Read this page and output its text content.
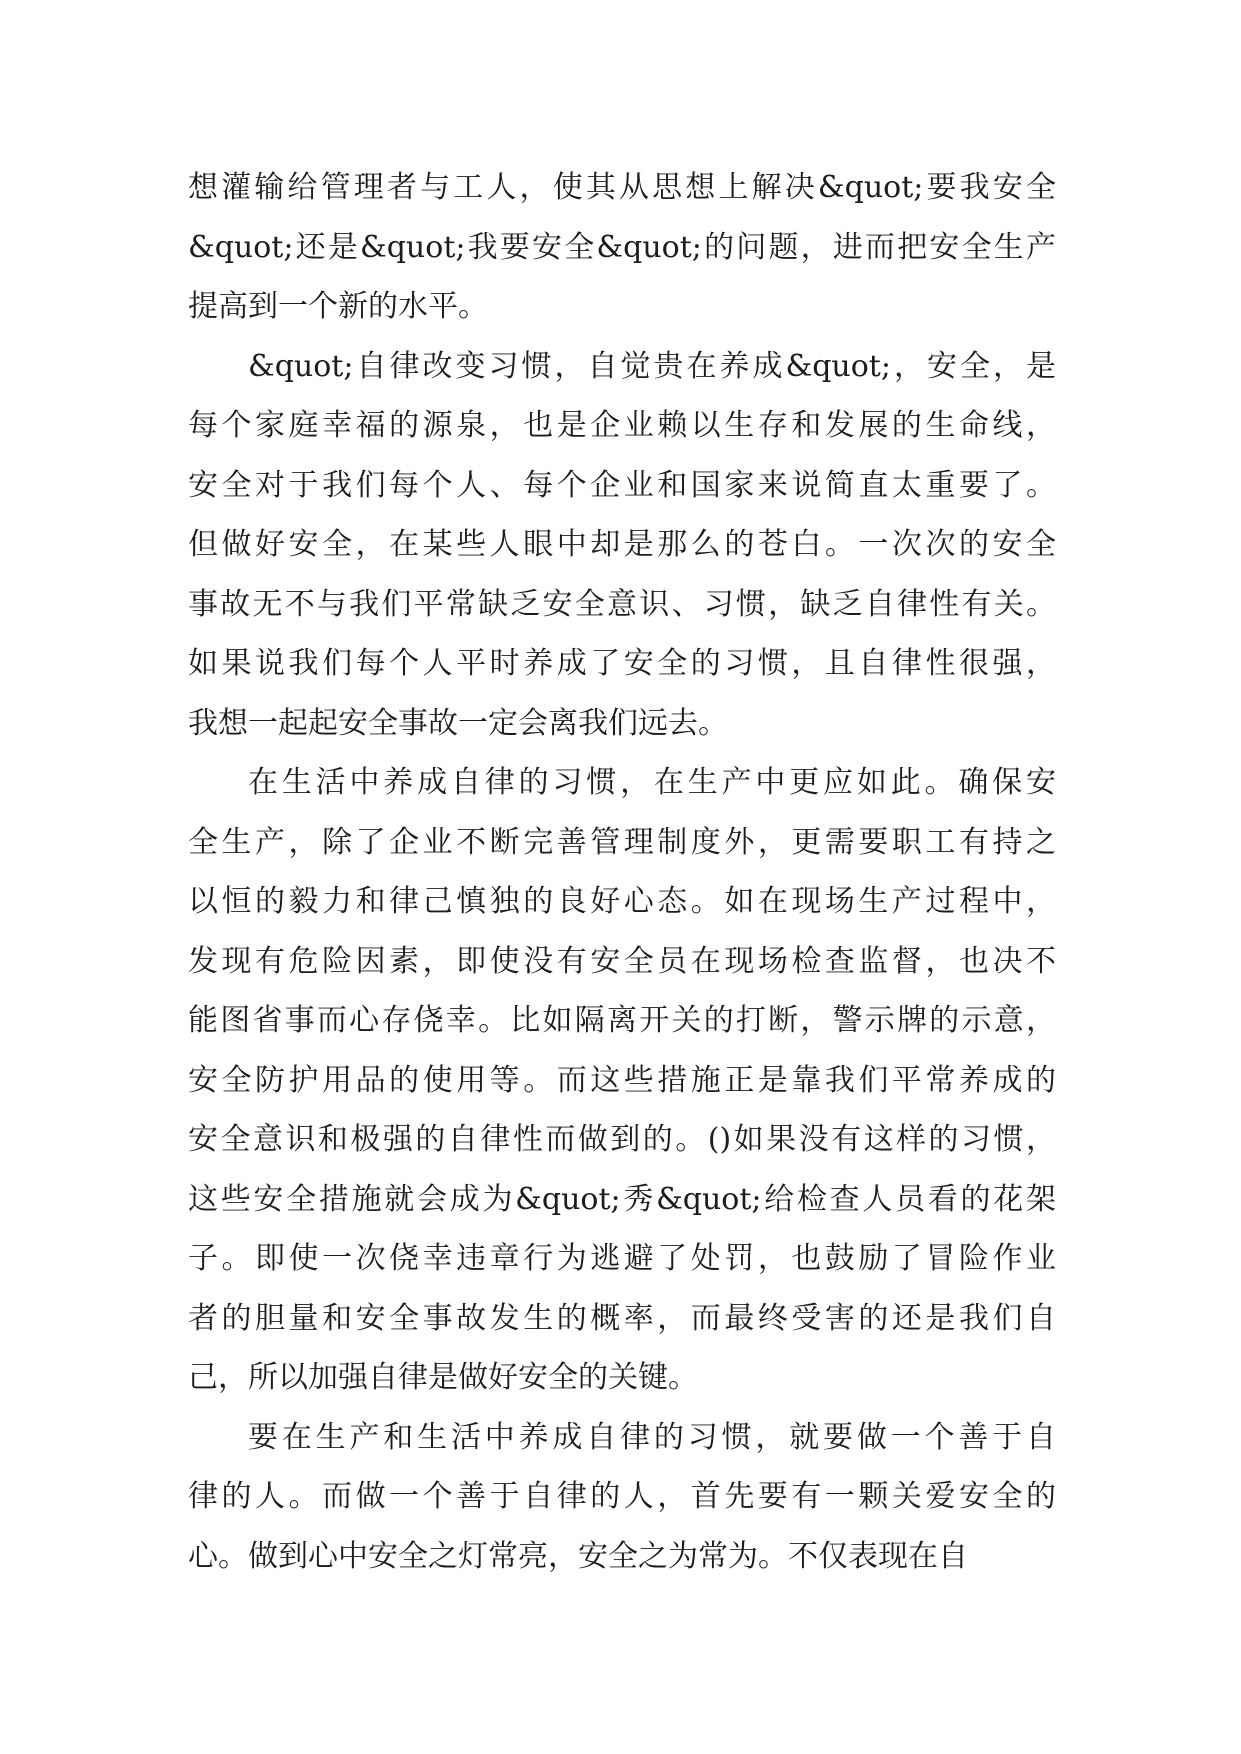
想灌输给管理者与工人，使其从思想上解决&quot;要我安全
&quot;还是&quot;我要安全&quot;的问题，进而把安全生产
提高到一个新的水平。
&quot;自律改变习惯，自觉贵在养成&quot;，安全，是
每个家庭幸福的源泉，也是企业赖以生存和发展的生命线，
安全对于我们每个人、每个企业和国家来说简直太重要了。
但做好安全，在某些人眼中却是那么的苍白。一次次的安全
事故无不与我们平常缺乏安全意识、习惯，缺乏自律性有关。
如果说我们每个人平时养成了安全的习惯，且自律性很强，
我想一起起安全事故一定会离我们远去。
在生活中养成自律的习惯，在生产中更应如此。确保安
全生产，除了企业不断完善管理制度外，更需要职工有持之
以恒的毅力和律己慎独的良好心态。如在现场生产过程中，
发现有危险因素，即使没有安全员在现场检查监督，也决不
能图省事而心存侥幸。比如隔离开关的打断，警示牌的示意，
安全防护用品的使用等。而这些措施正是靠我们平常养成的
安全意识和极强的自律性而做到的。()如果没有这样的习惯，
这些安全措施就会成为&quot;秀&quot;给检查人员看的花架
子。即使一次侥幸违章行为逃避了处罚，也鼓励了冒险作业
者的胆量和安全事故发生的概率，而最终受害的还是我们自
己，所以加强自律是做好安全的关键。
要在生产和生活中养成自律的习惯，就要做一个善于自
律的人。而做一个善于自律的人，首先要有一颗关爱安全的
心。做到心中安全之灯常亮，安全之为常为。不仅表现在自
